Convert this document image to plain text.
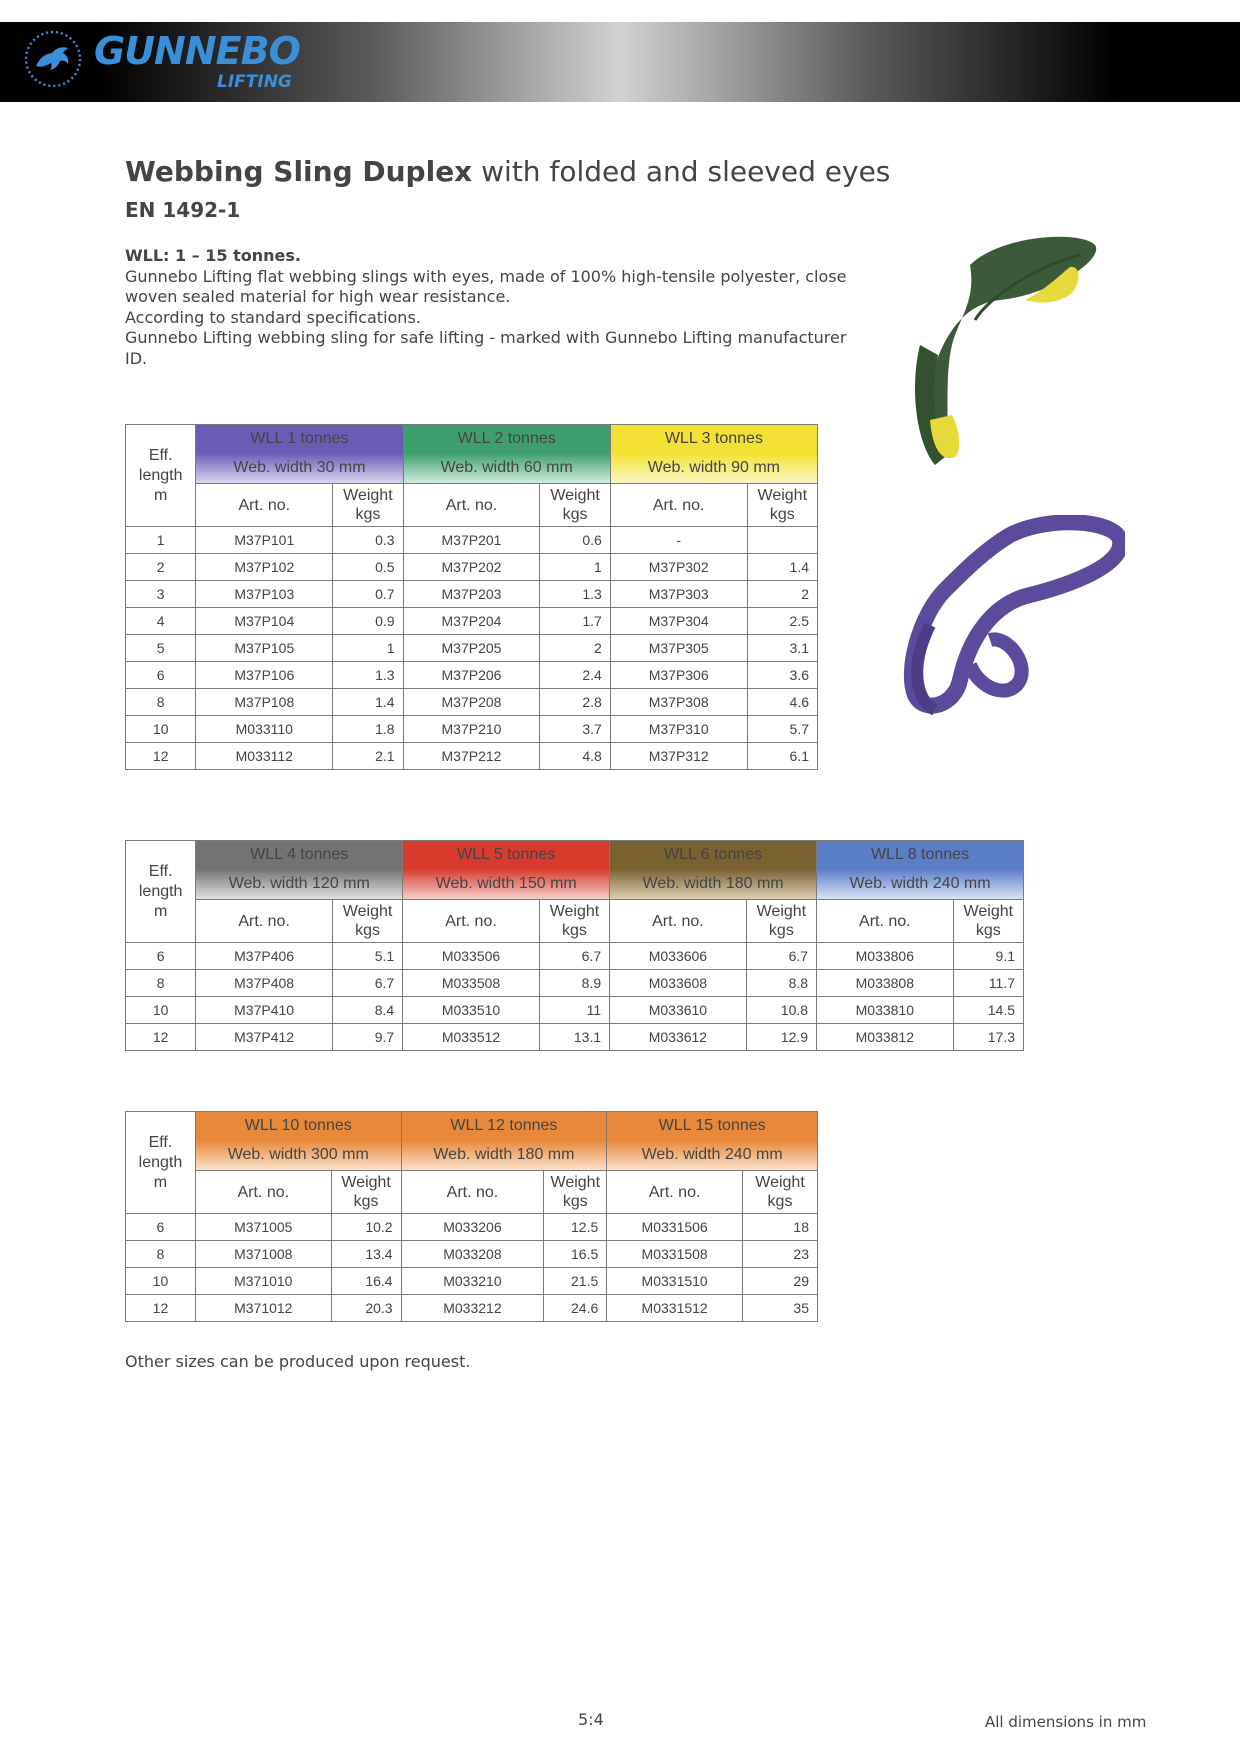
GUNNEBO
LIFTING
Webbing Sling Duplex with folded and sleeved eyes
EN 1492-1

WLL: 1 – 15 tonnes.

Gunnebo Lifting flat webbing slings with eyes, made of 100% high-tensile polyester, close woven sealed material for high wear resistance.

According to standard specifications.

Gunnebo Lifting webbing sling for safe lifting - marked with Gunnebo Lifting manufacturer ID.

Eff.
length
m	WLL 1 tonnes		WLL 2 tonnes		WLL 3 tonnes	
	Web. width 30 mm		Web. width 60 mm		Web. width 90 mm	
	Art. no.	Weight
kgs	Art. no.	Weight
kgs	Art. no.	Weight
kgs
1	M37P101	0.3	M37P201	0.6	-	
2	M37P102	0.5	M37P202	1	M37P302	1.4
3	M37P103	0.7	M37P203	1.3	M37P303	2
4	M37P104	0.9	M37P204	1.7	M37P304	2.5
5	M37P105	1	M37P205	2	M37P305	3.1
6	M37P106	1.3	M37P206	2.4	M37P306	3.6
8	M37P108	1.4	M37P208	2.8	M37P308	4.6
10	M033110	1.8	M37P210	3.7	M37P310	5.7
12	M033112	2.1	M37P212	4.8	M37P312	6.1
Eff.
length
m	WLL 4 tonnes		WLL 5 tonnes		WLL 6 tonnes		WLL 8 tonnes	
	Web. width 120 mm		Web. width 150 mm		Web. width 180 mm		Web. width 240 mm	
	Art. no.	Weight
kgs	Art. no.	Weight
kgs	Art. no.	Weight
kgs	Art. no.	Weight
kgs
6	M37P406	5.1	M033506	6.7	M033606	6.7	M033806	9.1
8	M37P408	6.7	M033508	8.9	M033608	8.8	M033808	11.7
10	M37P410	8.4	M033510	11	M033610	10.8	M033810	14.5
12	M37P412	9.7	M033512	13.1	M033612	12.9	M033812	17.3
Eff.
length
m	WLL 10 tonnes		WLL 12 tonnes		WLL 15 tonnes	
	Web. width 300 mm		Web. width 180 mm		Web. width 240 mm	
	Art. no.	Weight
kgs	Art. no.	Weight
kgs	Art. no.	Weight
kgs
6	M371005	10.2	M033206	12.5	M0331506	18
8	M371008	13.4	M033208	16.5	M0331508	23
10	M371010	16.4	M033210	21.5	M0331510	29
12	M371012	20.3	M033212	24.6	M0331512	35
Other sizes can be produced upon request.
5:4	All dimensions in mm
